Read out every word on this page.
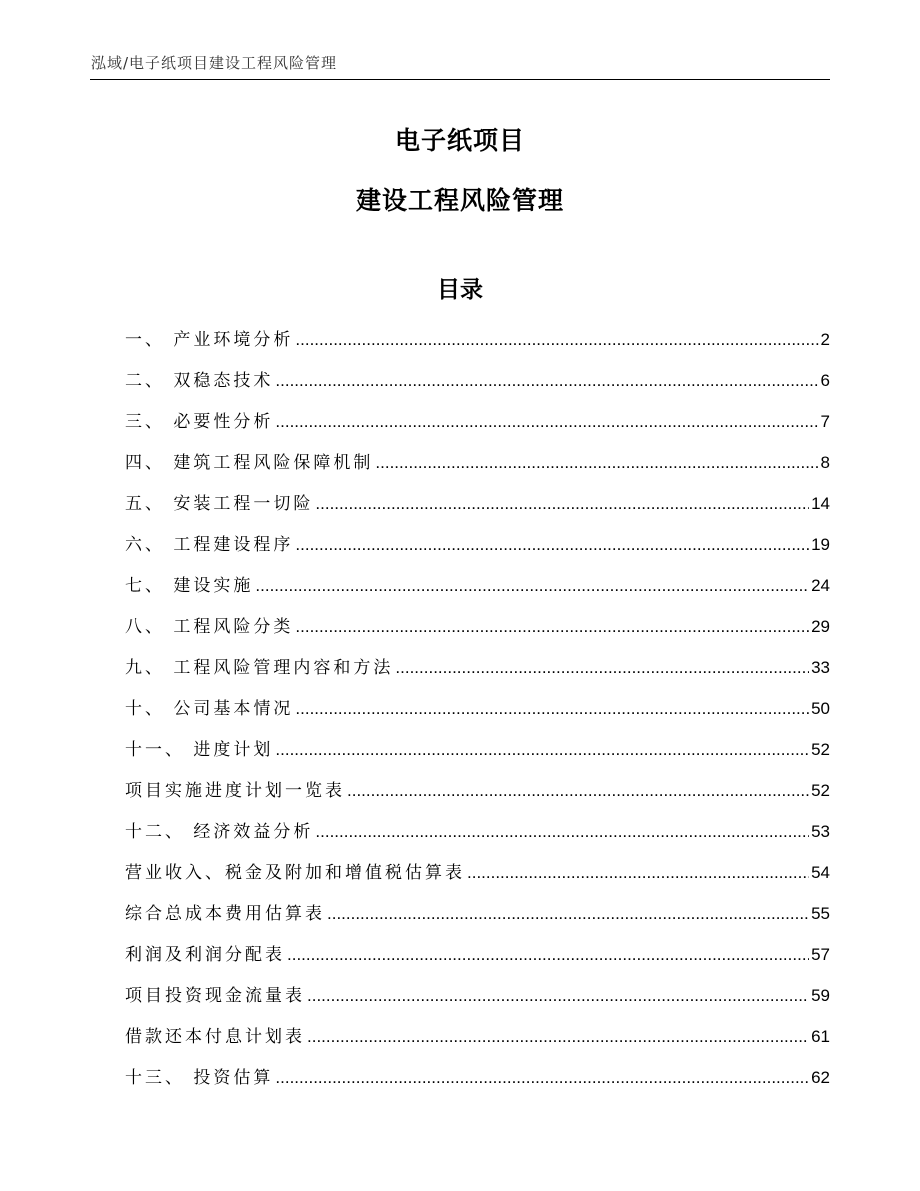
泓域/电子纸项目建设工程风险管理
电子纸项目
建设工程风险管理
目录
一、 产业环境分析 .....	2
二、 双稳态技术 .....	6
三、 必要性分析 .....	7
四、 建筑工程风险保障机制 .....	8
五、 安装工程一切险 .....	14
六、 工程建设程序 .....	19
七、 建设实施 .....	24
八、 工程风险分类 .....	29
九、 工程风险管理内容和方法 .....	33
十、 公司基本情况 .....	50
十一、 进度计划 .....	52
项目实施进度计划一览表 .....	52
十二、 经济效益分析 .....	53
营业收入、税金及附加和增值税估算表 .....	54
综合总成本费用估算表 .....	55
利润及利润分配表 .....	57
项目投资现金流量表 .....	59
借款还本付息计划表 .....	61
十三、 投资估算 .....	62
